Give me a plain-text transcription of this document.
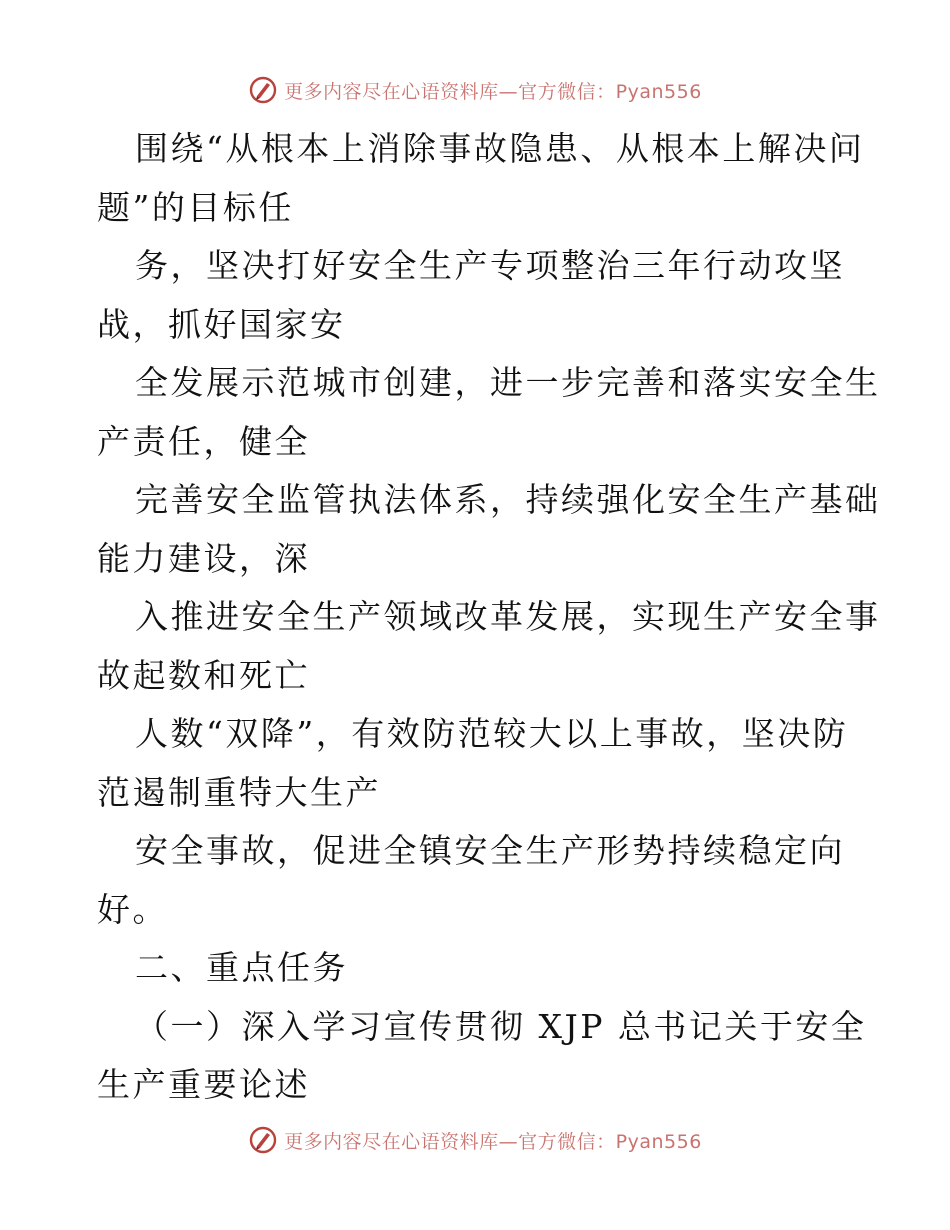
更多内容尽在心语资料库—官方微信：Pyan556
围绕“从根本上消除事故隐患、从根本上解决问
题”的目标任
务，坚决打好安全生产专项整治三年行动攻坚
战，抓好国家安
全发展示范城市创建，进一步完善和落实安全生
产责任，健全
完善安全监管执法体系，持续强化安全生产基础
能力建设，深
入推进安全生产领域改革发展，实现生产安全事
故起数和死亡
人数“双降”，有效防范较大以上事故，坚决防
范遏制重特大生产
安全事故，促进全镇安全生产形势持续稳定向
好。
二、重点任务
（一）深入学习宣传贯彻 XJP 总书记关于安全
生产重要论述
更多内容尽在心语资料库—官方微信：Pyan556
